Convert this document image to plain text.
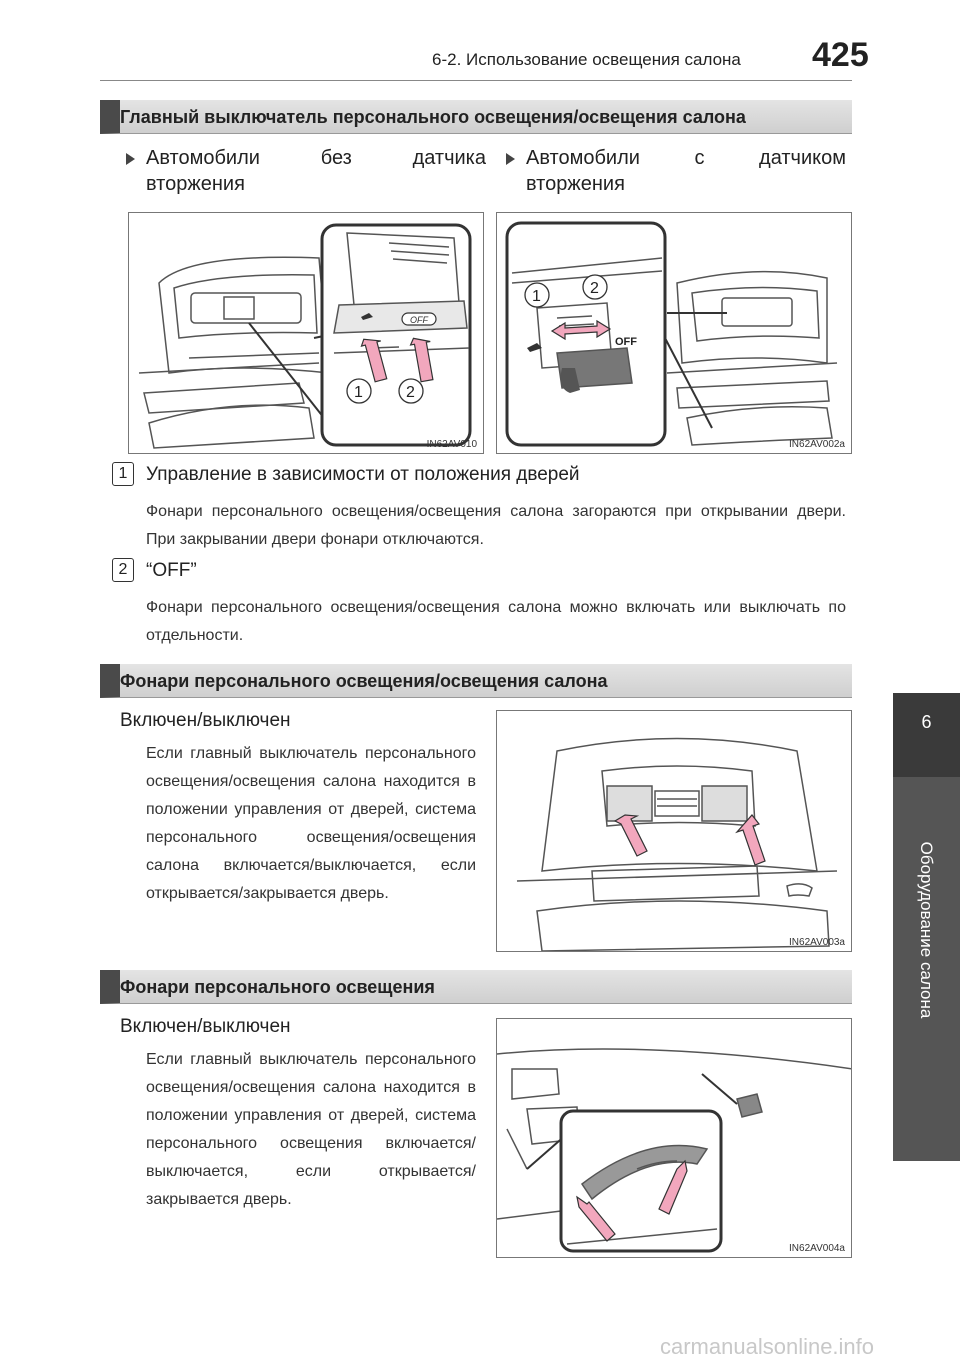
6-2. Использование освещения салона 425
6
Оборудование салона
Главный выключатель персонального освещения/освещения салона
Автомобили без датчика
вторжения
Автомобили с датчиком
вторжения
OFF
1	2
IN62AV010
OFF
1	2
IN62AV002a
1 Управление в зависимости от положения дверей
Фонари персонального освещения/освещения салона загораются при открывании двери. При закрывании двери фонари отключаются.
2 “OFF”
Фонари персонального освещения/освещения салона можно включать или выключать по отдельности.
Фонари персонального освещения/освещения салона
Включен/выключен
Если главный выключатель персонального освещения/освещения салона находится в положении управления от дверей, система персонального освещения/освещения салона включается/выключается, если открывается/закрывается дверь.
IN62AV003a
Фонари персонального освещения
Включен/выключен
Если главный выключатель персонального освещения/освещения салона находится в положении управления от дверей, система персонального освещения включается/выключается, если открывается/закрывается дверь.
IN62AV004a
carmanualsonline.info
